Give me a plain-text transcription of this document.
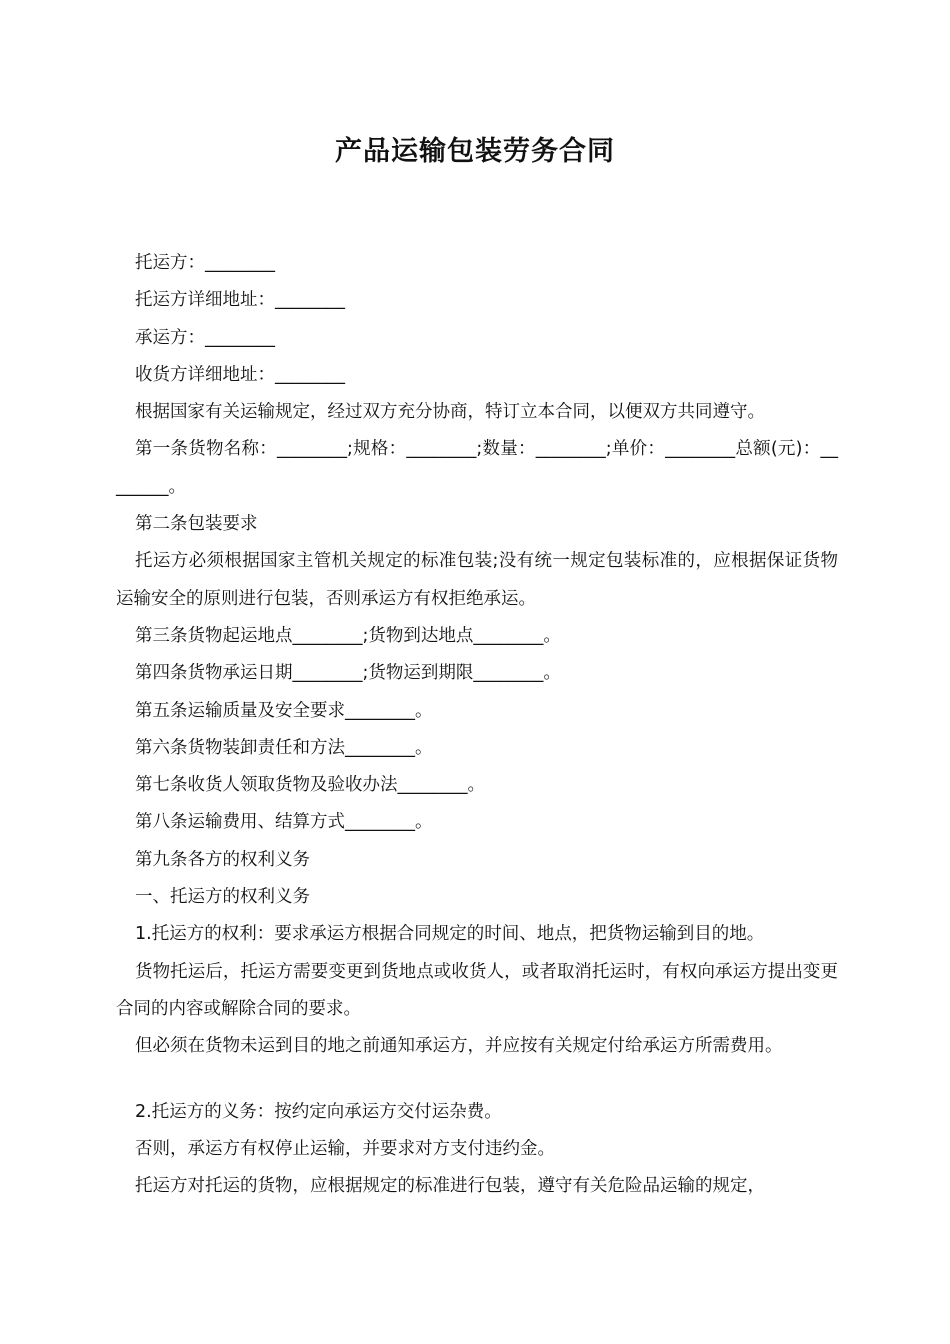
产品运输包装劳务合同

托运方：________

托运方详细地址：________

承运方：________

收货方详细地址：________

根据国家有关运输规定，经过双方充分协商，特订立本合同，以便双方共同遵守。

第一条货物名称：________;规格：________;数量：________;单价：________总额(元)：________。

第二条包装要求

托运方必须根据国家主管机关规定的标准包装;没有统一规定包装标准的，应根据保证货物运输安全的原则进行包装，否则承运方有权拒绝承运。

第三条货物起运地点________;货物到达地点________。

第四条货物承运日期________;货物运到期限________。

第五条运输质量及安全要求________。

第六条货物装卸责任和方法________。

第七条收货人领取货物及验收办法________。

第八条运输费用、结算方式________。

第九条各方的权利义务

一、托运方的权利义务

1.托运方的权利：要求承运方根据合同规定的时间、地点，把货物运输到目的地。

货物托运后，托运方需要变更到货地点或收货人，或者取消托运时，有权向承运方提出变更合同的内容或解除合同的要求。

但必须在货物未运到目的地之前通知承运方，并应按有关规定付给承运方所需费用。

2.托运方的义务：按约定向承运方交付运杂费。

否则，承运方有权停止运输，并要求对方支付违约金。

托运方对托运的货物，应根据规定的标准进行包装，遵守有关危险品运输的规定，
